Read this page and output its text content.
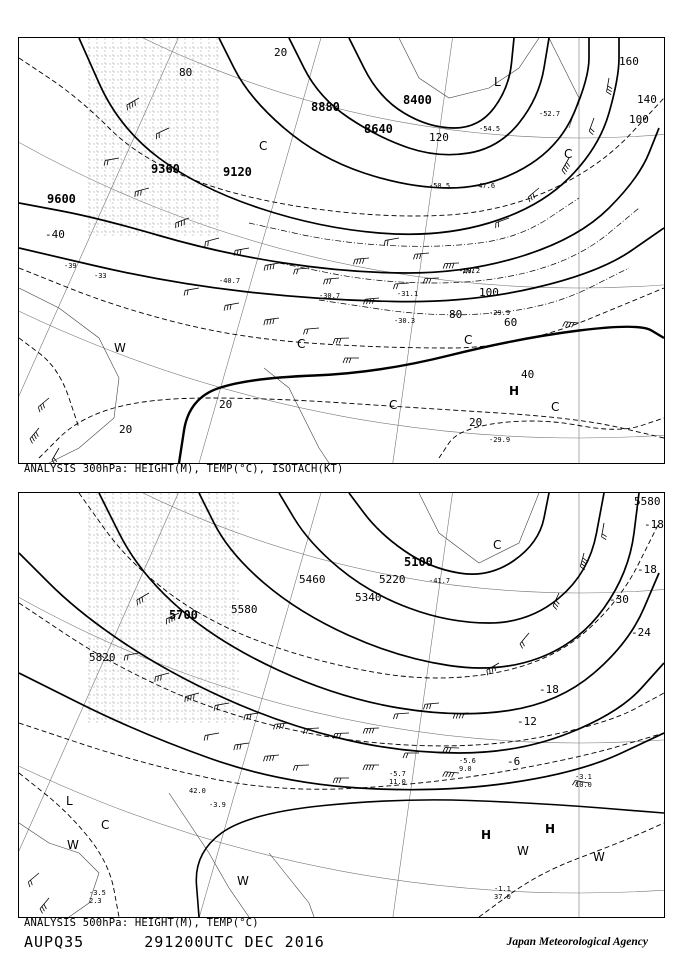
9600
9360	9120
8880
8640
8400
-40
20
20
20
40
60
80
100
120
100
140
160
20
80
-31.1
-28.2
-29.9
-29.9
-30.3
-30.7
-47.6
-54.5
-52.7
-39
-33
-40.7
-50.5
C
C
C
C
C
C
W
H
L
ANALYSIS 300hPa: HEIGHT(M), TEMP(°C), ISOTACH(KT)
5820
5700	5580
5460
5340
5220
5100
5580
-6
-12
-18
-24
-30
-18
-18
-3.1
10.0
-5.7
11.0
-1.1
37.0
-3.5
2.3
-3.9
42.0
-5.6
9.0
-41.7
L
H	H
W	W
W
C
C
W
ANALYSIS 500hPa: HEIGHT(M), TEMP(°C)
AUPQ35	291200UTC DEC 2016	Japan Meteorological Agency
